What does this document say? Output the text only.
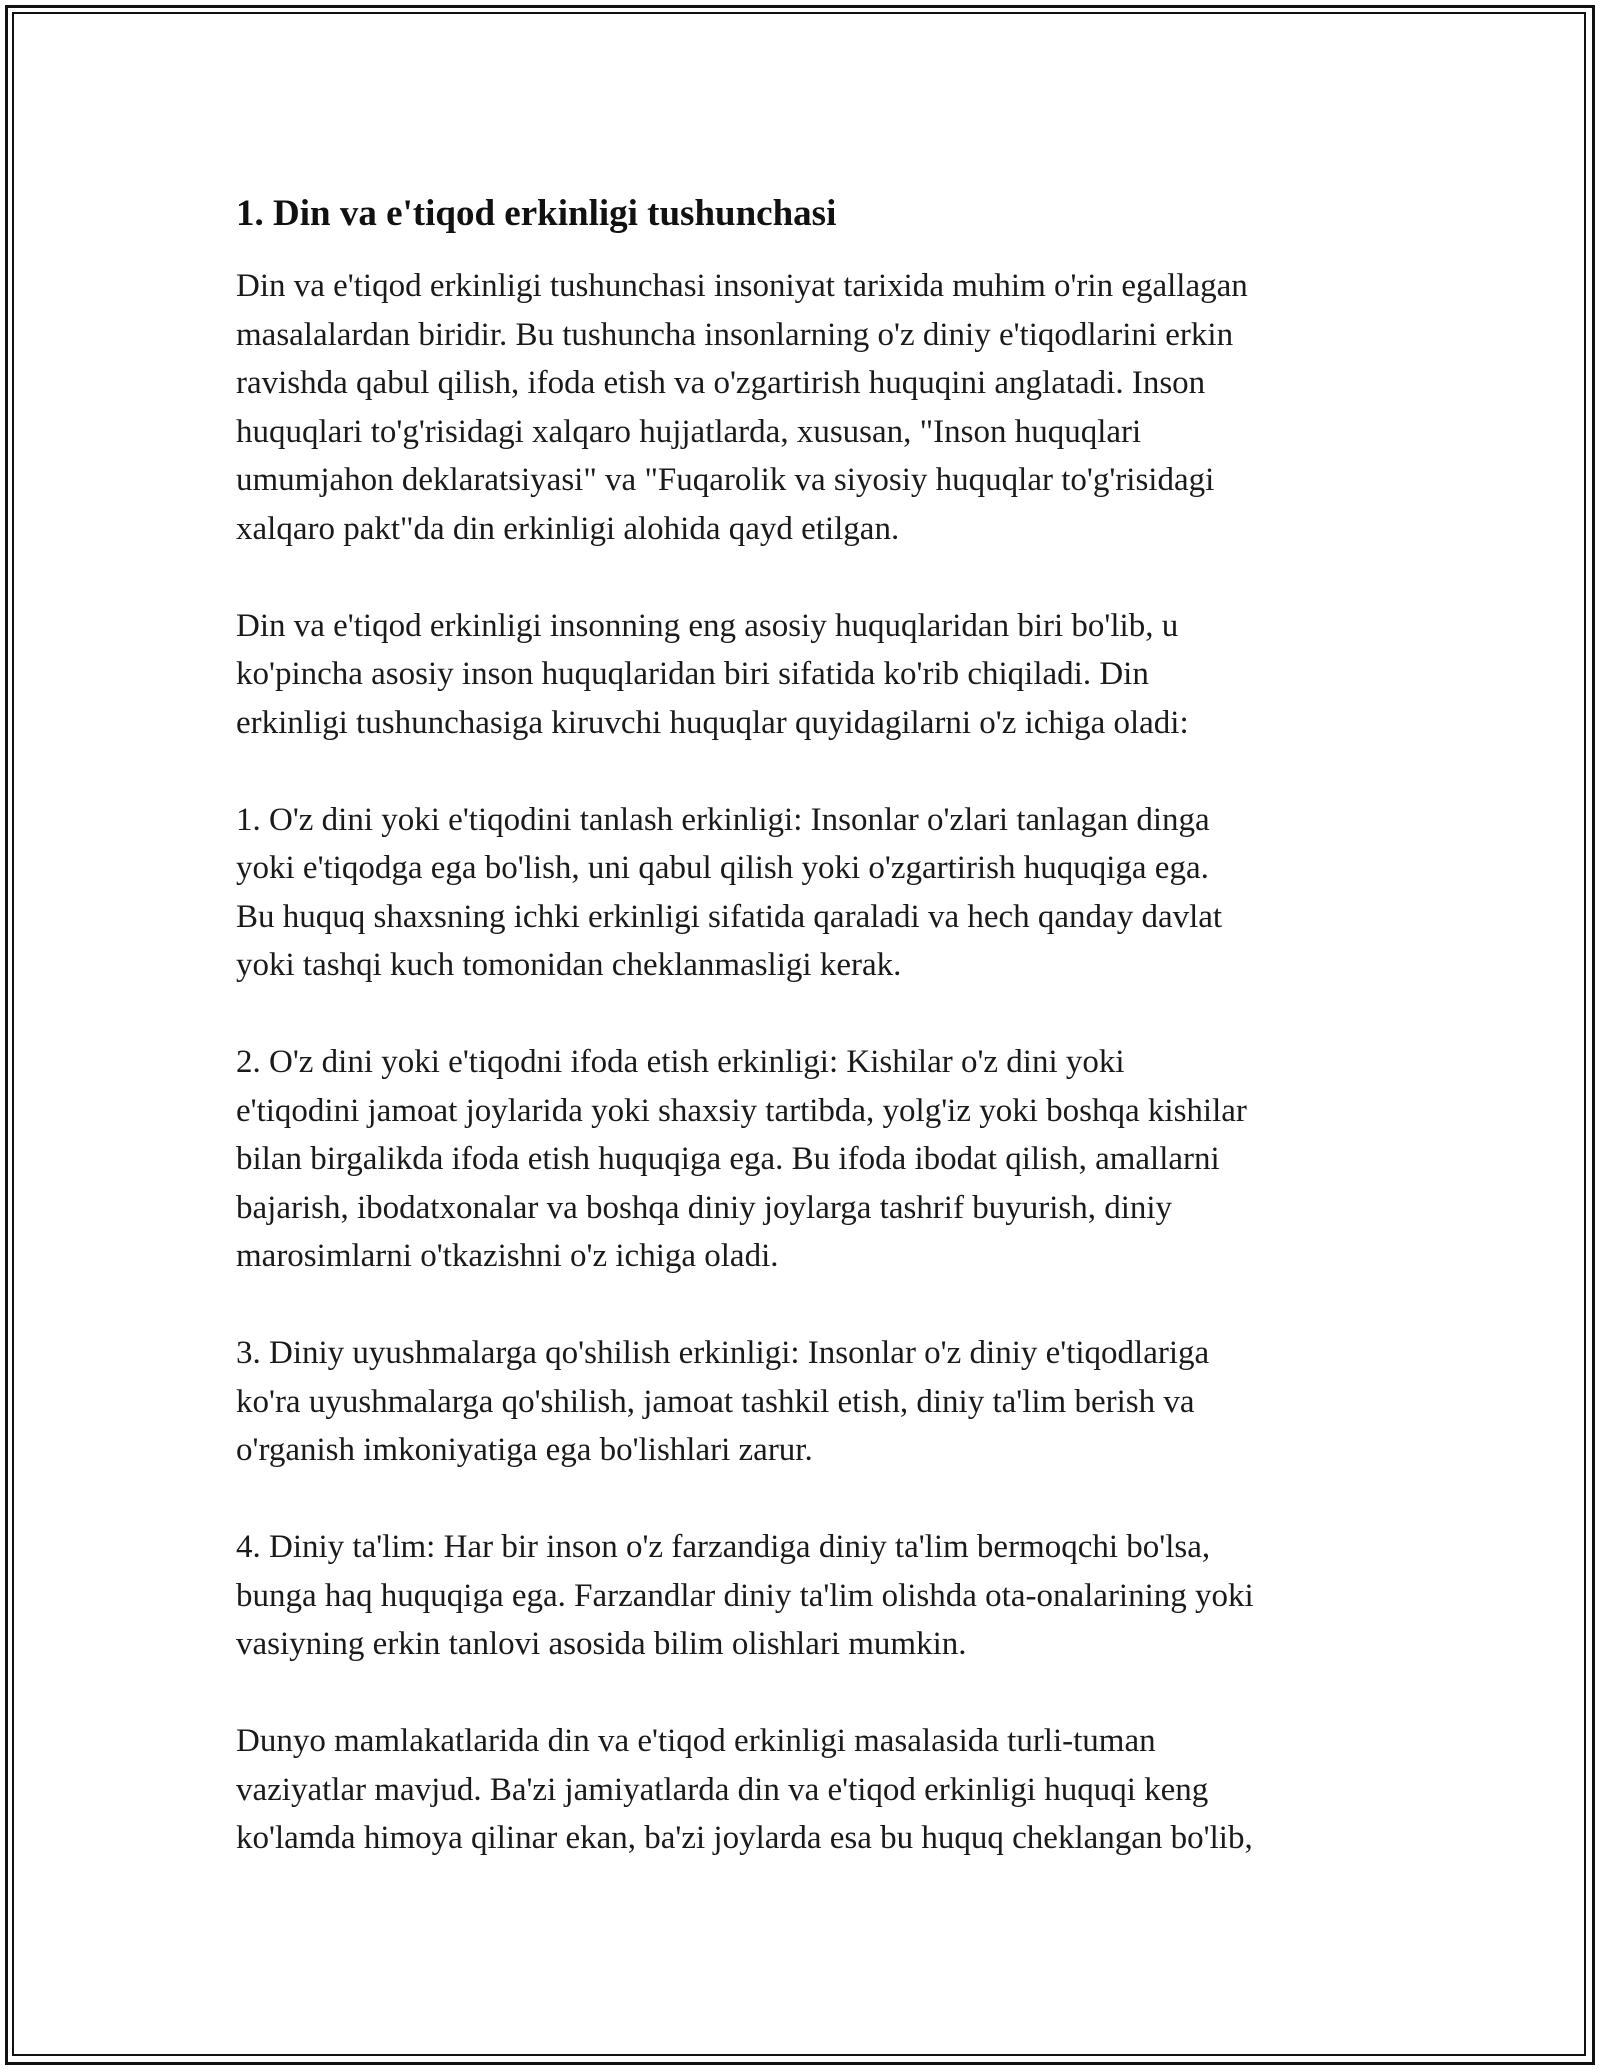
1. Din va e'tiqod erkinligi tushunchasi

Din va e'tiqod erkinligi tushunchasi insoniyat tarixida muhim o'rin egallagan
masalalardan biridir. Bu tushuncha insonlarning o'z diniy e'tiqodlarini erkin
ravishda qabul qilish, ifoda etish va o'zgartirish huquqini anglatadi. Inson
huquqlari to'g'risidagi xalqaro hujjatlarda, xususan, "Inson huquqlari
umumjahon deklaratsiyasi" va "Fuqarolik va siyosiy huquqlar to'g'risidagi
xalqaro pakt"da din erkinligi alohida qayd etilgan.

Din va e'tiqod erkinligi insonning eng asosiy huquqlaridan biri bo'lib, u
ko'pincha asosiy inson huquqlaridan biri sifatida ko'rib chiqiladi. Din
erkinligi tushunchasiga kiruvchi huquqlar quyidagilarni o'z ichiga oladi:

1. O'z dini yoki e'tiqodini tanlash erkinligi: Insonlar o'zlari tanlagan dinga
yoki e'tiqodga ega bo'lish, uni qabul qilish yoki o'zgartirish huquqiga ega.
Bu huquq shaxsning ichki erkinligi sifatida qaraladi va hech qanday davlat
yoki tashqi kuch tomonidan cheklanmasligi kerak.

2. O'z dini yoki e'tiqodni ifoda etish erkinligi: Kishilar o'z dini yoki
e'tiqodini jamoat joylarida yoki shaxsiy tartibda, yolg'iz yoki boshqa kishilar
bilan birgalikda ifoda etish huquqiga ega. Bu ifoda ibodat qilish, amallarni
bajarish, ibodatxonalar va boshqa diniy joylarga tashrif buyurish, diniy
marosimlarni o'tkazishni o'z ichiga oladi.

3. Diniy uyushmalarga qo'shilish erkinligi: Insonlar o'z diniy e'tiqodlariga
ko'ra uyushmalarga qo'shilish, jamoat tashkil etish, diniy ta'lim berish va
o'rganish imkoniyatiga ega bo'lishlari zarur.

4. Diniy ta'lim: Har bir inson o'z farzandiga diniy ta'lim bermoqchi bo'lsa,
bunga haq huquqiga ega. Farzandlar diniy ta'lim olishda ota-onalarining yoki
vasiyning erkin tanlovi asosida bilim olishlari mumkin.

Dunyo mamlakatlarida din va e'tiqod erkinligi masalasida turli-tuman
vaziyatlar mavjud. Ba'zi jamiyatlarda din va e'tiqod erkinligi huquqi keng
ko'lamda himoya qilinar ekan, ba'zi joylarda esa bu huquq cheklangan bo'lib,
